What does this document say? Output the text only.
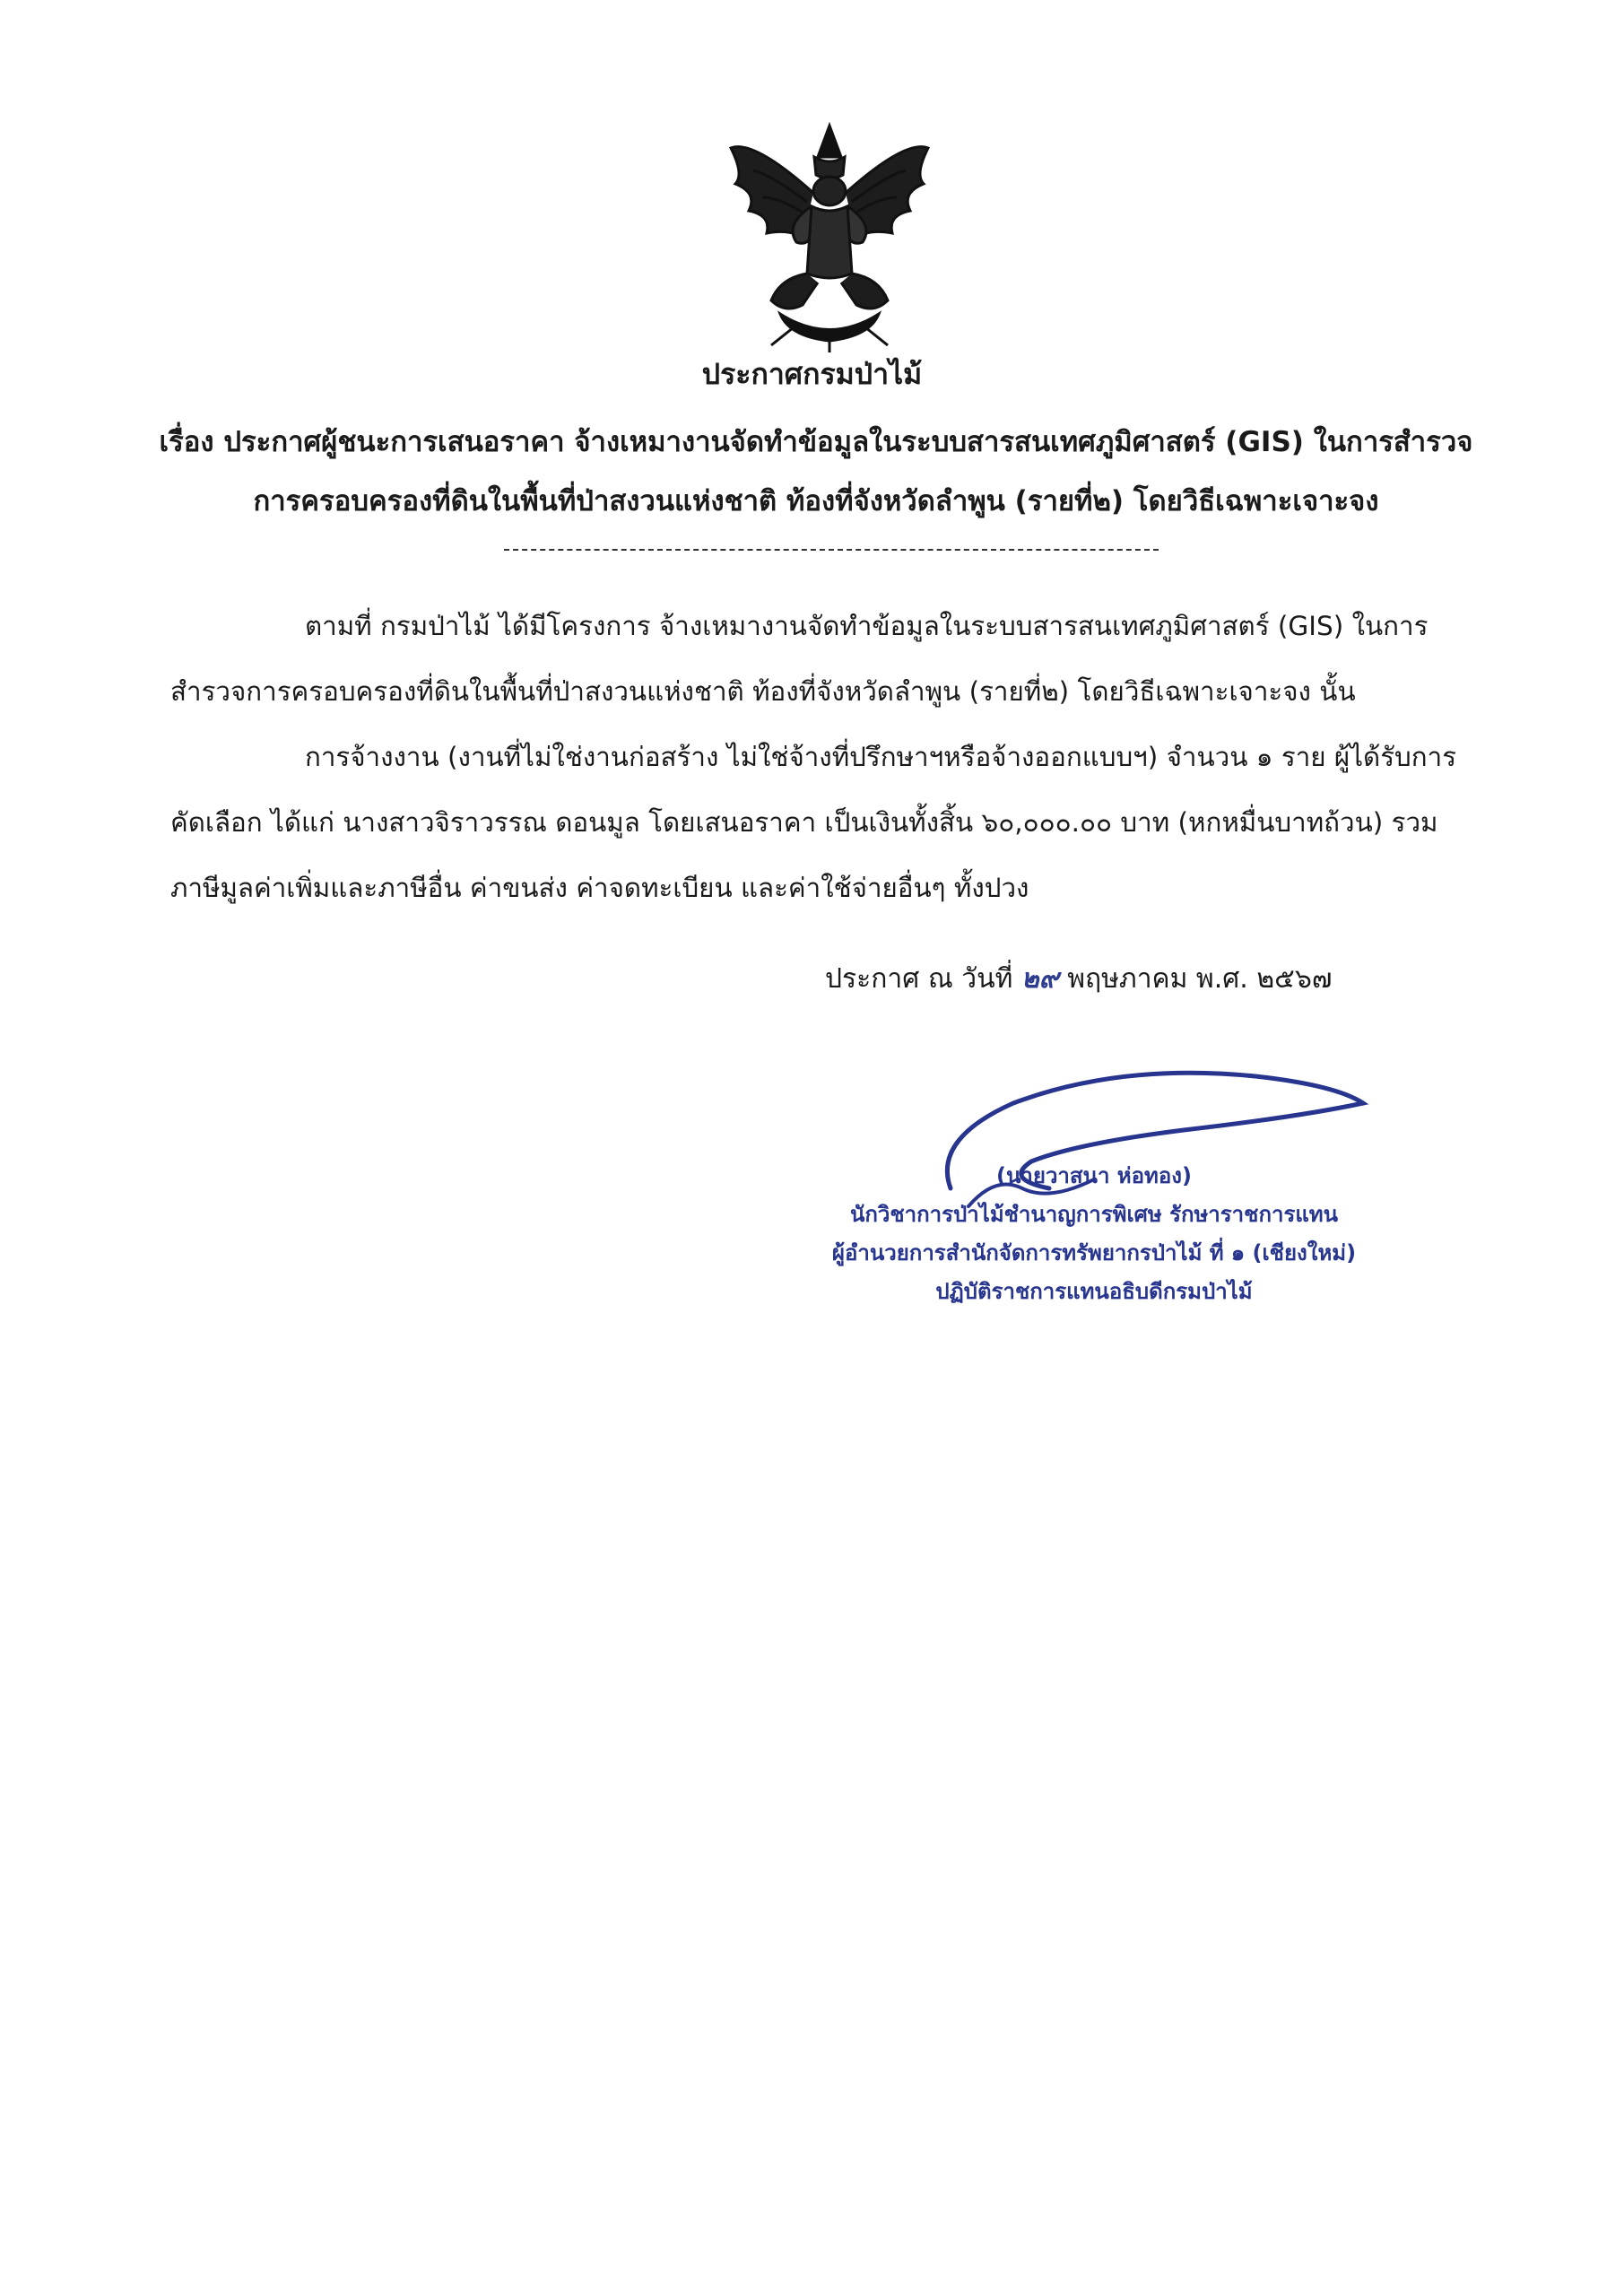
ประกาศกรมป่าไม้
เรื่อง ประกาศผู้ชนะการเสนอราคา จ้างเหมางานจัดทำข้อมูลในระบบสารสนเทศภูมิศาสตร์ (GIS) ในการสำรวจ
การครอบครองที่ดินในพื้นที่ป่าสงวนแห่งชาติ ท้องที่จังหวัดลำพูน (รายที่๒) โดยวิธีเฉพาะเจาะจง
ตามที่ กรมป่าไม้ ได้มีโครงการ จ้างเหมางานจัดทำข้อมูลในระบบสารสนเทศภูมิศาสตร์ (GIS) ในการ
สำรวจการครอบครองที่ดินในพื้นที่ป่าสงวนแห่งชาติ ท้องที่จังหวัดลำพูน (รายที่๒) โดยวิธีเฉพาะเจาะจง นั้น
การจ้างงาน (งานที่ไม่ใช่งานก่อสร้าง ไม่ใช่จ้างที่ปรึกษาฯหรือจ้างออกแบบฯ) จำนวน ๑ ราย ผู้ได้รับการ
คัดเลือก ได้แก่ นางสาวจิราวรรณ ดอนมูล โดยเสนอราคา เป็นเงินทั้งสิ้น ๖๐,๐๐๐.๐๐ บาท (หกหมื่นบาทถ้วน) รวม
ภาษีมูลค่าเพิ่มและภาษีอื่น ค่าขนส่ง ค่าจดทะเบียน และค่าใช้จ่ายอื่นๆ ทั้งปวง
ประกาศ ณ วันที่ ๒๙ พฤษภาคม พ.ศ. ๒๕๖๗
(นายวาสนา ห่อทอง)
นักวิชาการป่าไม้ชำนาญการพิเศษ รักษาราชการแทน
ผู้อำนวยการสำนักจัดการทรัพยากรป่าไม้ ที่ ๑ (เชียงใหม่)
ปฏิบัติราชการแทนอธิบดีกรมป่าไม้
